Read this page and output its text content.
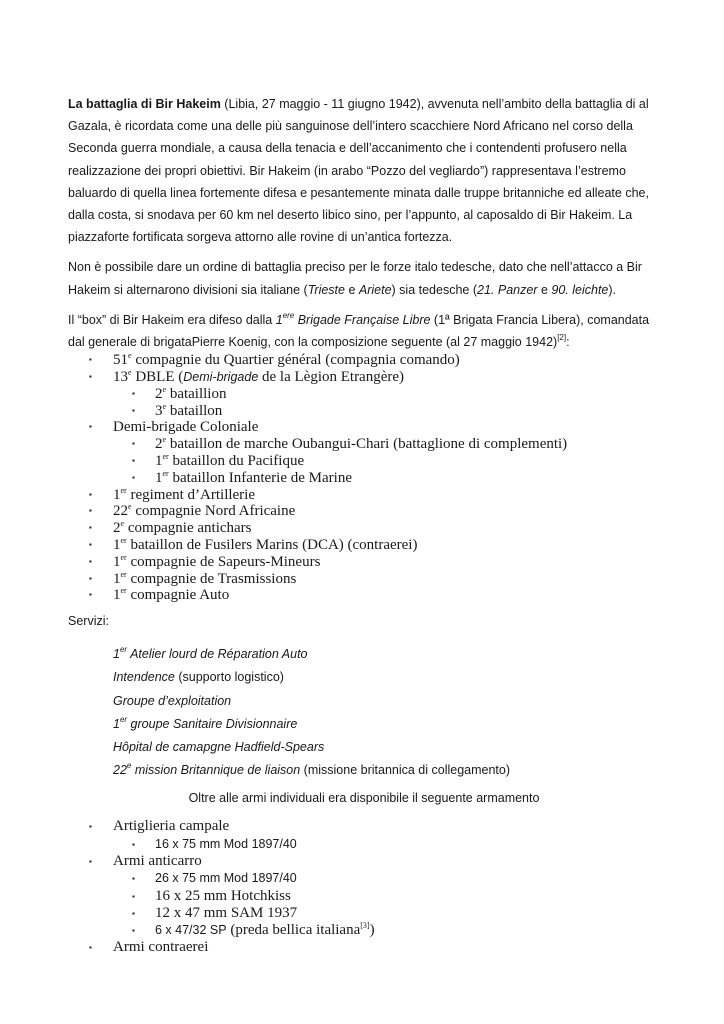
La battaglia di Bir Hakeim (Libia, 27 maggio - 11 giugno 1942), avvenuta nell’ambito della battaglia di al Gazala, è ricordata come una delle più sanguinose dell’intero scacchiere Nord Africano nel corso della Seconda guerra mondiale, a causa della tenacia e dell’accanimento che i contendenti profusero nella realizzazione dei propri obiettivi. Bir Hakeim (in arabo “Pozzo del vegliardo”) rappresentava l’estremo baluardo di quella linea fortemente difesa e pesantemente minata dalle truppe britanniche ed alleate che, dalla costa, si snodava per 60 km nel deserto libico sino, per l’appunto, al caposaldo di Bir Hakeim. La piazzaforte fortificata sorgeva attorno alle rovine di un’antica fortezza.

Non è possibile dare un ordine di battaglia preciso per le forze italo tedesche, dato che nell’attacco a Bir Hakeim si alternarono divisioni sia italiane (Trieste e Ariete) sia tedesche (21. Panzer e 90. leichte).

Il “box” di Bir Hakeim era difeso dalla 1ere Brigade Française Libre (1ª Brigata Francia Libera), comandata dal generale di brigataPierre Koenig, con la composizione seguente (al 27 maggio 1942)[2]:

▪ 51e compagnie du Quartier général (compagnia comando)
▪ 13e DBLE (Demi-brigade de la Lègion Etrangère)
▪ 2e bataillion
▪ 3e bataillon
▪ Demi-brigade Coloniale
▪ 2e bataillon de marche Oubangui-Chari (battaglione di complementi)
▪ 1er bataillon du Pacifique
▪ 1er bataillon Infanterie de Marine
▪ 1er regiment d’Artillerie
▪ 22e compagnie Nord Africaine
▪ 2e compagnie antichars
▪ 1er bataillon de Fusilers Marins (DCA) (contraerei)
▪ 1er compagnie de Sapeurs-Mineurs
▪ 1er compagnie de Trasmissions
▪ 1er compagnie Auto
Servizi:
1er Atelier lourd de Réparation Auto
Intendence (supporto logistico)
Groupe d’exploitation
1er groupe Sanitaire Divisionnaire
Hôpital de camapgne Hadfield-Spears
22e mission Britannique de liaison (missione britannica di collegamento)
Oltre alle armi individuali era disponibile il seguente armamento
▪ Artiglieria campale
▪ 16 x 75 mm Mod 1897/40
▪ Armi anticarro
▪ 26 x 75 mm Mod 1897/40
▪ 16 x 25 mm Hotchkiss
▪ 12 x 47 mm SAM 1937
▪ 6 x 47/32 SP (preda bellica italiana[3])
▪ Armi contraerei
